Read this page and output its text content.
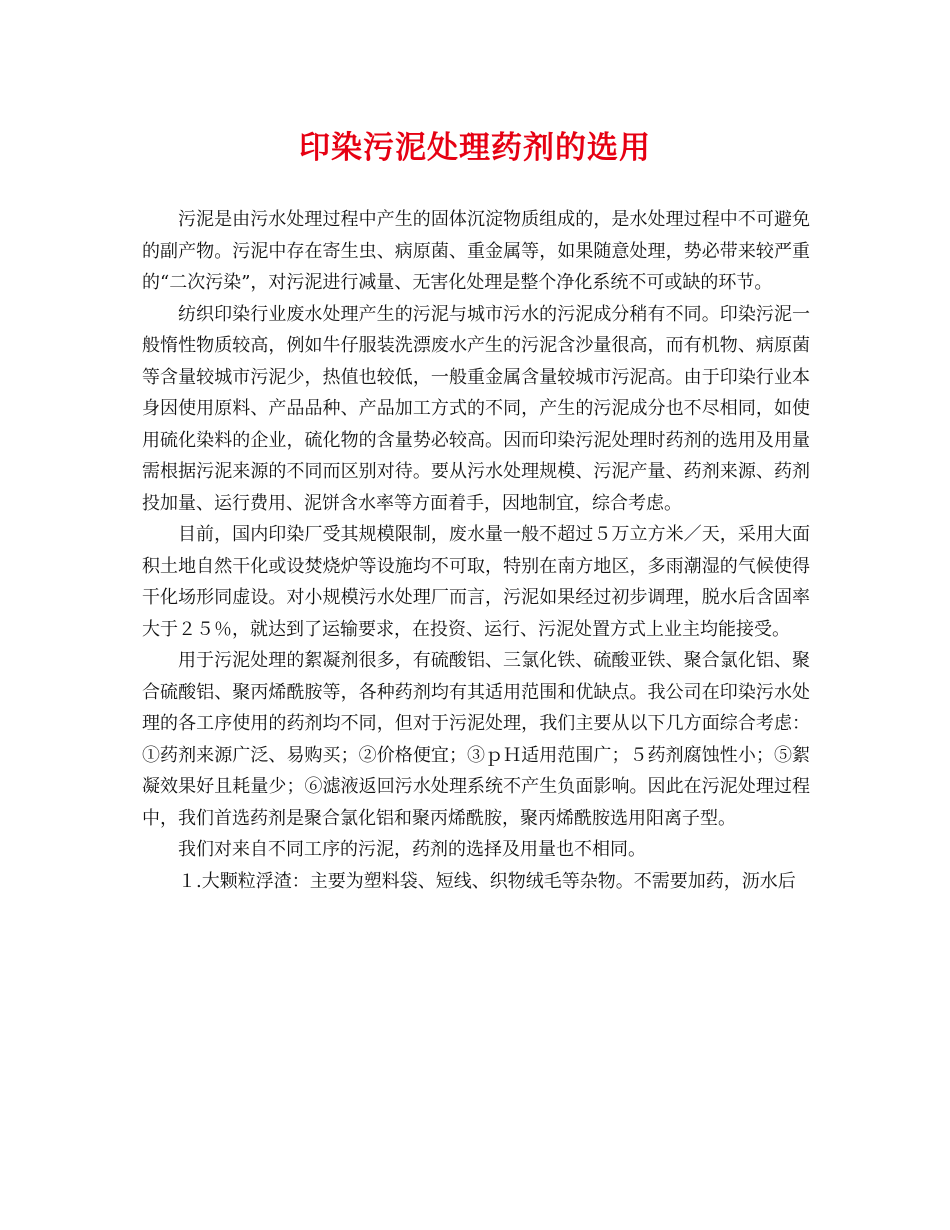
印染污泥处理药剂的选用

污泥是由污水处理过程中产生的固体沉淀物质组成的，是水处理过程中不可避免的副产物。污泥中存在寄生虫、病原菌、重金属等，如果随意处理，势必带来较严重的“二次污染”，对污泥进行减量、无害化处理是整个净化系统不可或缺的环节。

纺织印染行业废水处理产生的污泥与城市污水的污泥成分稍有不同。印染污泥一般惰性物质较高，例如牛仔服装洗漂废水产生的污泥含沙量很高，而有机物、病原菌等含量较城市污泥少，热值也较低，一般重金属含量较城市污泥高。由于印染行业本身因使用原料、产品品种、产品加工方式的不同，产生的污泥成分也不尽相同，如使用硫化染料的企业，硫化物的含量势必较高。因而印染污泥处理时药剂的选用及用量需根据污泥来源的不同而区别对待。要从污水处理规模、污泥产量、药剂来源、药剂投加量、运行费用、泥饼含水率等方面着手，因地制宜，综合考虑。

目前，国内印染厂受其规模限制，废水量一般不超过５万立方米／天，采用大面积土地自然干化或设焚烧炉等设施均不可取，特别在南方地区，多雨潮湿的气候使得干化场形同虚设。对小规模污水处理厂而言，污泥如果经过初步调理，脱水后含固率大于２５％，就达到了运输要求，在投资、运行、污泥处置方式上业主均能接受。

用于污泥处理的絮凝剂很多，有硫酸铝、三氯化铁、硫酸亚铁、聚合氯化铝、聚合硫酸铝、聚丙烯酰胺等，各种药剂均有其适用范围和优缺点。我公司在印染污水处理的各工序使用的药剂均不同，但对于污泥处理，我们主要从以下几方面综合考虑：①药剂来源广泛、易购买；②价格便宜；③ｐＨ适用范围广；５药剂腐蚀性小；⑤絮凝效果好且耗量少；⑥滤液返回污水处理系统不产生负面影响。因此在污泥处理过程中，我们首选药剂是聚合氯化铝和聚丙烯酰胺，聚丙烯酰胺选用阳离子型。

我们对来自不同工序的污泥，药剂的选择及用量也不相同。

１.大颗粒浮渣：主要为塑料袋、短线、织物绒毛等杂物。不需要加药，沥水后
